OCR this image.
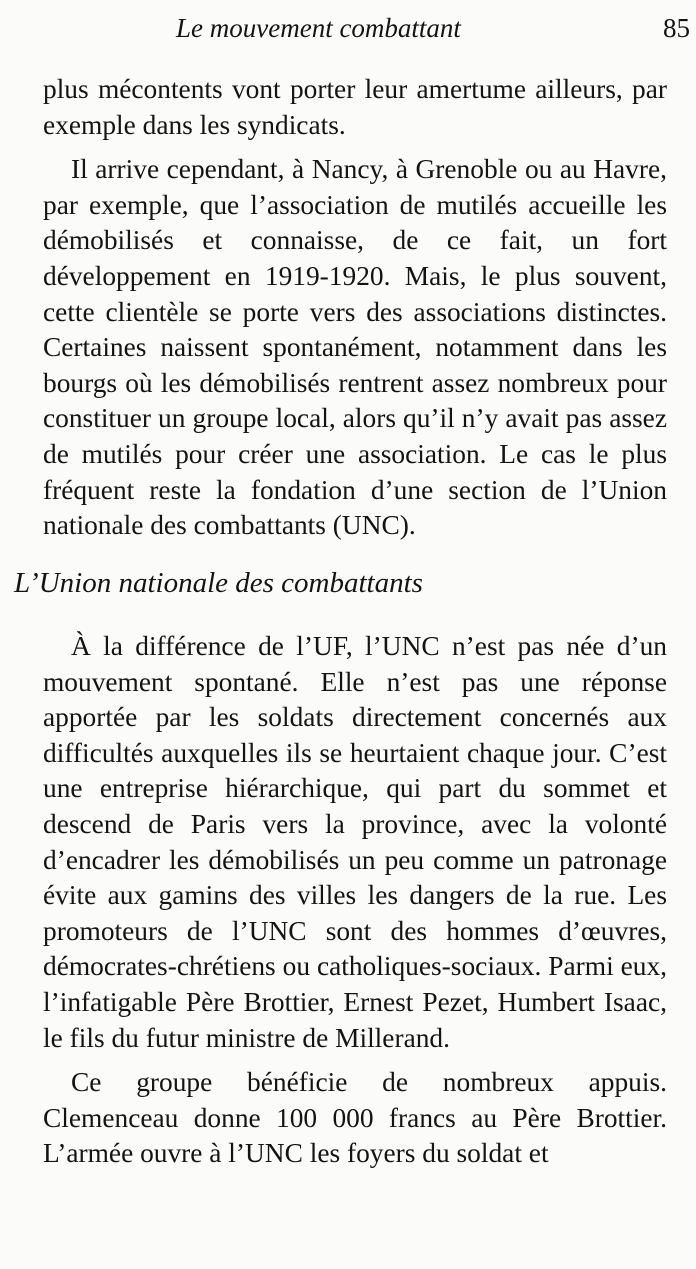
Le mouvement combattant	85

plus mécontents vont porter leur amertume ailleurs, par exemple dans les syndicats.

Il arrive cependant, à Nancy, à Grenoble ou au Havre, par exemple, que l’association de mutilés accueille les démobilisés et connaisse, de ce fait, un fort développement en 1919-1920. Mais, le plus souvent, cette clientèle se porte vers des associations distinctes. Certaines naissent spontanément, notamment dans les bourgs où les démobilisés rentrent assez nombreux pour constituer un groupe local, alors qu’il n’y avait pas assez de mutilés pour créer une association. Le cas le plus fréquent reste la fondation d’une section de l’Union nationale des combattants (UNC).

L’Union nationale des combattants

À la différence de l’UF, l’UNC n’est pas née d’un mouvement spontané. Elle n’est pas une réponse apportée par les soldats directement concernés aux difficultés auxquelles ils se heurtaient chaque jour. C’est une entreprise hiérarchique, qui part du sommet et descend de Paris vers la province, avec la volonté d’encadrer les démobilisés un peu comme un patronage évite aux gamins des villes les dangers de la rue. Les promoteurs de l’UNC sont des hommes d’œuvres, démocrates-chrétiens ou catholiques-sociaux. Parmi eux, l’infatigable Père Brottier, Ernest Pezet, Humbert Isaac, le fils du futur ministre de Millerand.

Ce groupe bénéficie de nombreux appuis. Clemenceau donne 100 000 francs au Père Brottier. L’armée ouvre à l’UNC les foyers du soldat et
